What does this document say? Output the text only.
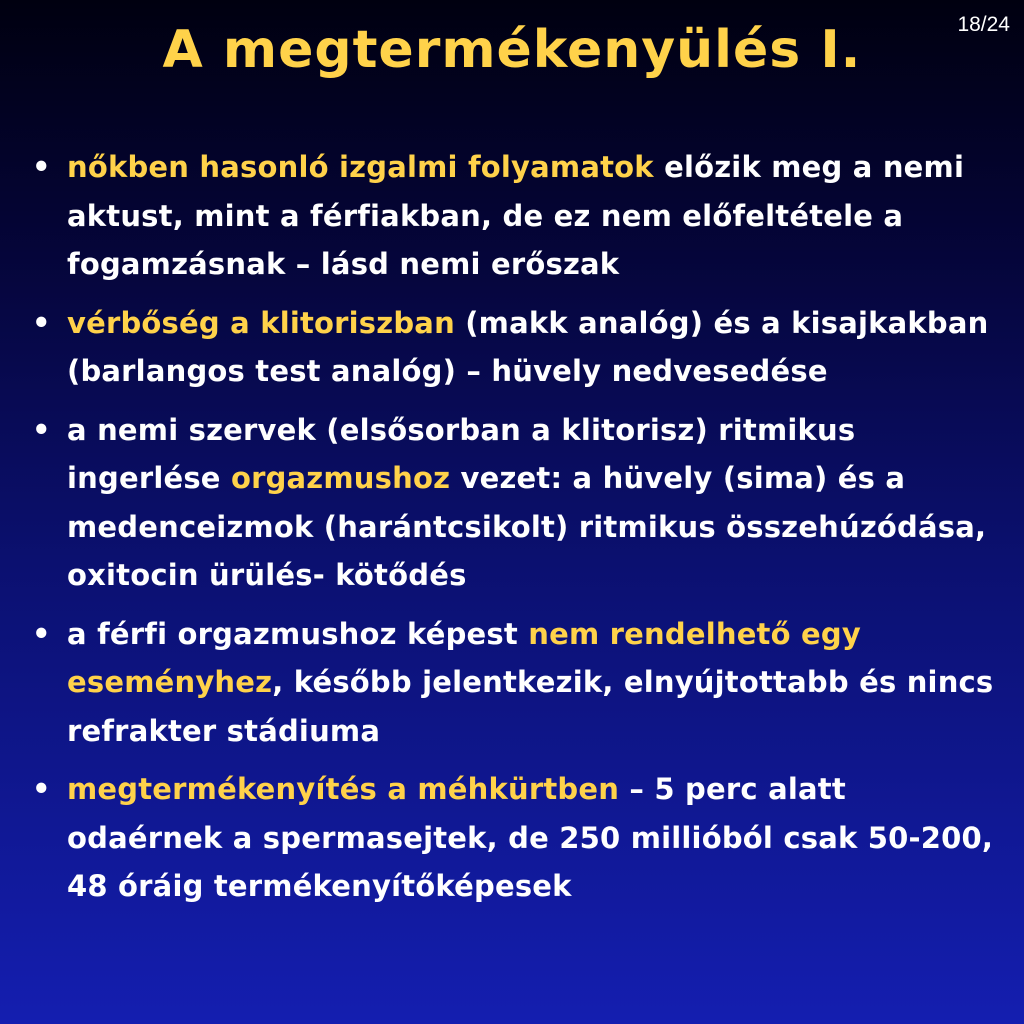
18/24
A megtermékenyülés I.
• nőkben hasonló izgalmi folyamatok előzik meg a nemi aktust, mint a férfiakban, de ez nem előfeltétele a fogamzásnak – lásd nemi erőszak
• vérbőség a klitoriszban (makk analóg) és a kisajkakban (barlangos test analóg) – hüvely nedvesedése
• a nemi szervek (elsősorban a klitorisz) ritmikus ingerlése orgazmushoz vezet: a hüvely (sima) és a medenceizmok (harántcsikolt) ritmikus összehúzódása, oxitocin ürülés- kötődés
• a férfi orgazmushoz képest nem rendelhető egy eseményhez, később jelentkezik, elnyújtottabb és nincs refrakter stádiuma
• megtermékenyítés a méhkürtben – 5 perc alatt odaérnek a spermasejtek, de 250 millióból csak 50-200, 48 óráig termékenyítőképesek
